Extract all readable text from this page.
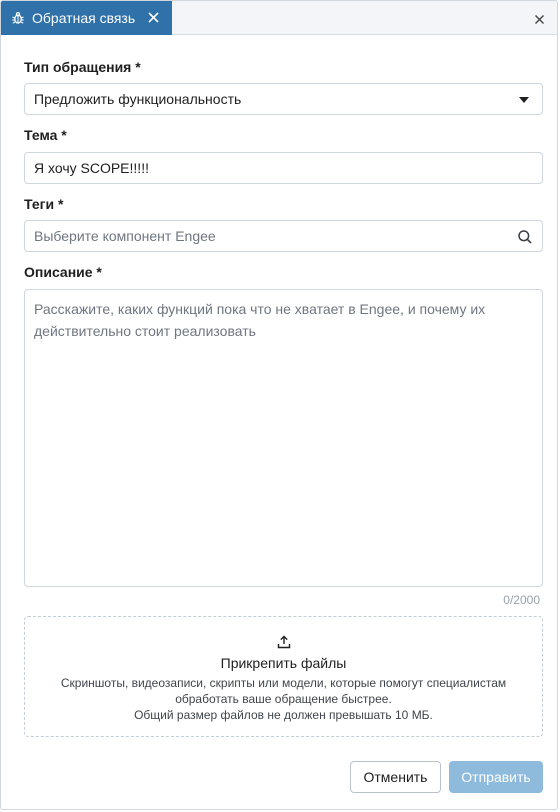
Обратная связь
Тип обращения *
Предложить функциональность
Тема *
Я хочу SCOPE!!!!!
Теги *
Выберите компонент Engee
Описание *
Расскажите, каких функций пока что не хватает в Engee, и почему их действительно стоит реализовать
0/2000
Прикрепить файлы
Скриншоты, видеозаписи, скрипты или модели, которые помогут специалистам
обработать ваше обращение быстрее.
Общий размер файлов не должен превышать 10 МБ.
Отменить	Отправить
